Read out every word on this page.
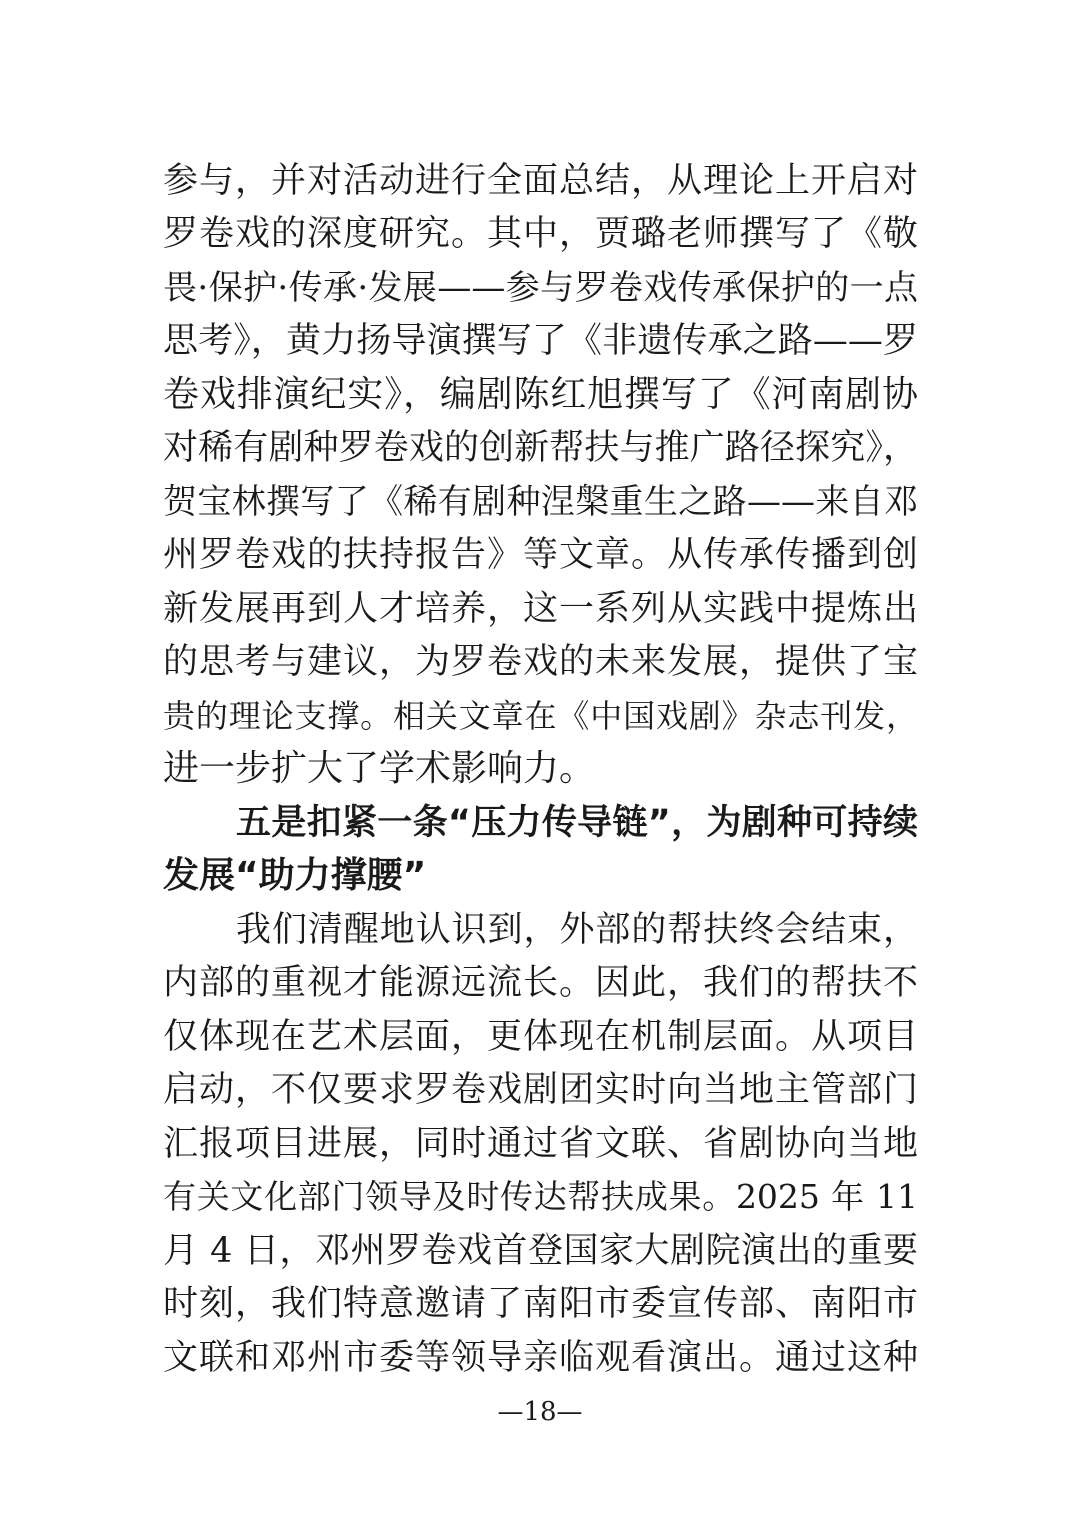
参与，并对活动进行全面总结，从理论上开启对
罗卷戏的深度研究。其中，贾璐老师撰写了《敬
畏·保护·传承·发展——参与罗卷戏传承保护的一点
思考》，黄力扬导演撰写了《非遗传承之路——罗
卷戏排演纪实》，编剧陈红旭撰写了《河南剧协
对稀有剧种罗卷戏的创新帮扶与推广路径探究》，
贺宝林撰写了《稀有剧种涅槃重生之路——来自邓
州罗卷戏的扶持报告》等文章。从传承传播到创
新发展再到人才培养，这一系列从实践中提炼出
的思考与建议，为罗卷戏的未来发展，提供了宝
贵的理论支撑。相关文章在《中国戏剧》杂志刊发，
进一步扩大了学术影响力。
五是扣紧一条“压力传导链”，为剧种可持续
发展“助力撑腰”
我们清醒地认识到，外部的帮扶终会结束，
内部的重视才能源远流长。因此，我们的帮扶不
仅体现在艺术层面，更体现在机制层面。从项目
启动，不仅要求罗卷戏剧团实时向当地主管部门
汇报项目进展，同时通过省文联、省剧协向当地
有关文化部门领导及时传达帮扶成果。2025 年 11
月 4 日，邓州罗卷戏首登国家大剧院演出的重要
时刻，我们特意邀请了南阳市委宣传部、南阳市
文联和邓州市委等领导亲临观看演出。通过这种
—18—
